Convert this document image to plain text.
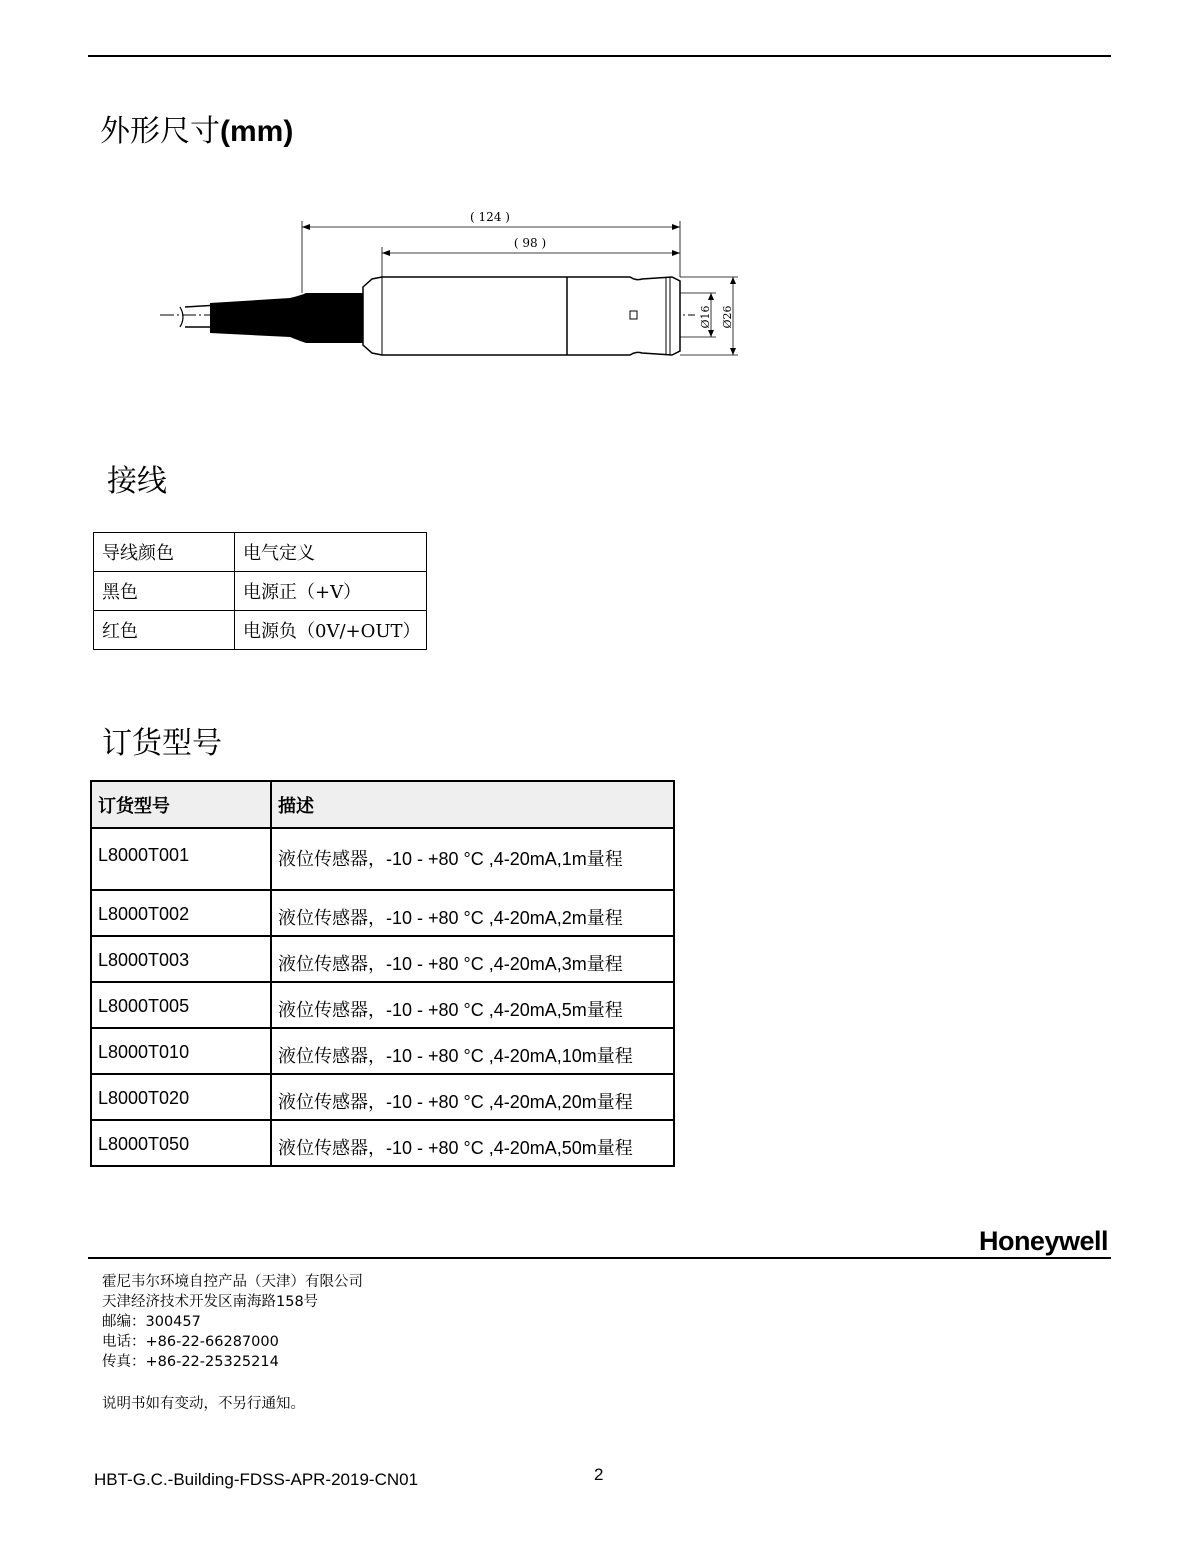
外形尺寸(mm)
( 124 )
( 98 )
Ø16 Ø26
接线
导线颜色	电气定义
黑色	电源正（+V）
红色	电源负（0V/+OUT）
订货型号
订货型号	描述
L8000T001	液位传感器，-10 - +80 °C ,4-20mA,1m量程
L8000T002	液位传感器，-10 - +80 °C ,4-20mA,2m量程
L8000T003	液位传感器，-10 - +80 °C ,4-20mA,3m量程
L8000T005	液位传感器，-10 - +80 °C ,4-20mA,5m量程
L8000T010	液位传感器，-10 - +80 °C ,4-20mA,10m量程
L8000T020	液位传感器，-10 - +80 °C ,4-20mA,20m量程
L8000T050	液位传感器，-10 - +80 °C ,4-20mA,50m量程
Honeywell
霍尼韦尔环境自控产品（天津）有限公司
天津经济技术开发区南海路158号
邮编：300457
电话：+86-22-66287000
传真：+86-22-25325214
说明书如有变动，不另行通知。
HBT-G.C.-Building-FDSS-APR-2019-CN01	2
